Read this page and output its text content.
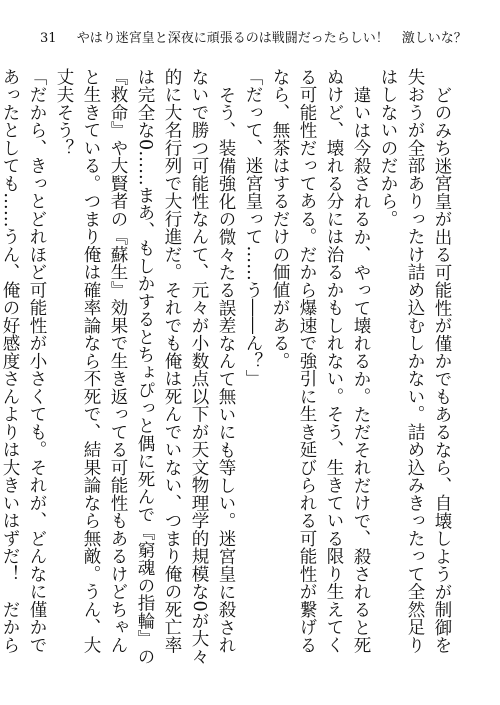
31 やはり迷宮皇と深夜に頑張るのは戦闘だったらしい！　激しいな？

どのみち迷宮皇が出る可能性が僅かでもあるなら、自壊しようが制御を失おうが全部ありったけ詰め込むしかない。詰め込みきったって全然足りはしないのだから。

違いは今殺されるか、やって壊れるか。ただそれだけで、殺されると死ぬけど、壊れる分には治るかもしれない。そう、生きている限り生えてくる可能性だってある。だから爆速で強引に生き延びられる可能性が繋げるなら、無茶はするだけの価値がある。

「だって、迷宮皇って……う――ん？」

そう、装備強化の微々たる誤差なんて無いにも等しい。迷宮皇に殺されないで勝つ可能性なんて、元々が小数点以下が天文物理学的規模な0が大々的に大名行列で大行進だ。それでも俺は死んでいない、つまり俺の死亡率は完全な0……まあ、もしかするとちょぴっと偶に死んで『窮魂の指輪』の『救命』や大賢者の『蘇生』効果で生き返ってる可能性もあるけどちゃんと生きている。つまり俺は確率論なら不死で、結果論なら無敵。うん、大丈夫そう？

「だから、きっとどれほど可能性が小さくても。それが、どんなに僅かであったとしても……うん、俺の好感度さんよりは大きいはずだ！　だから
